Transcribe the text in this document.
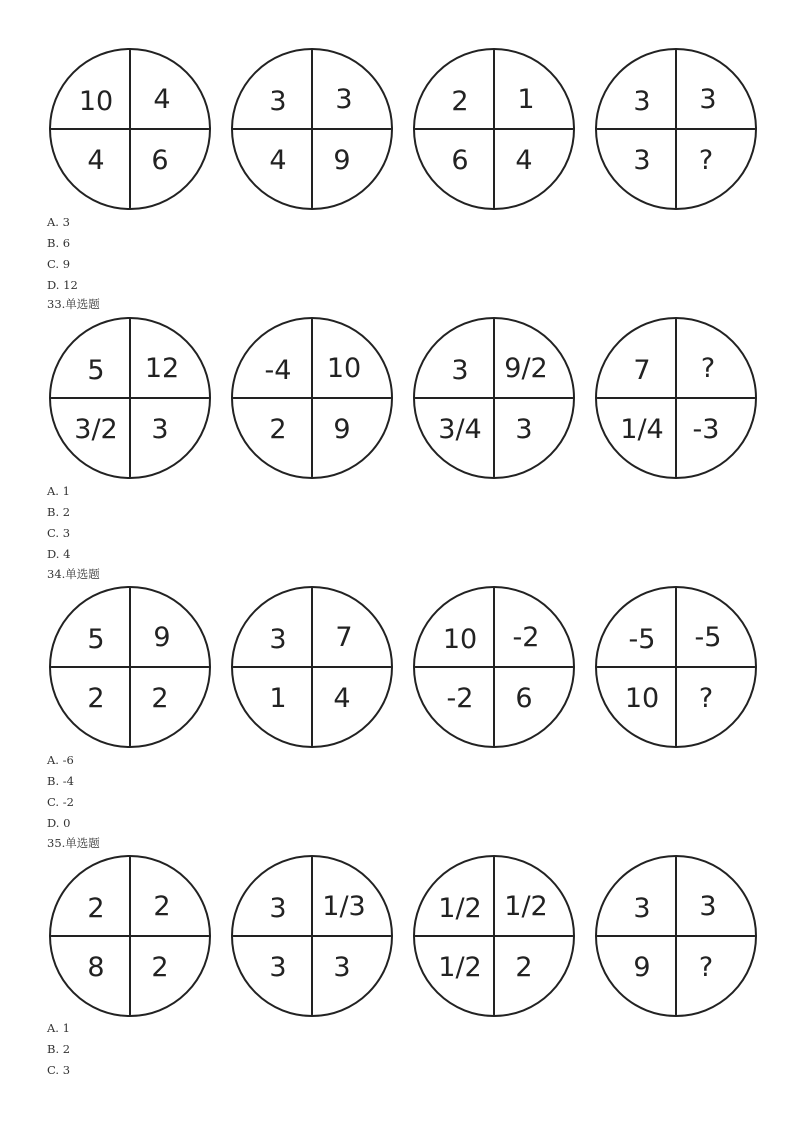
10	4
4	6
3	3
4	9
2	1
6	4
3	3
3	?
A. 3
B. 6
C. 9
D. 12
33.单选题
5	12
3/2	3
-4	10
2	9
3	9/2
3/4	3
7	?
1/4	-3
A. 1
B. 2
C. 3
D. 4
34.单选题
5	9
2	2
3	7
1	4
10	-2
-2	6
-5	-5
10	?
A. -6
B. -4
C. -2
D. 0
35.单选题
2	2
8	2
3	1/3
3	3
1/2 1/2
1/2	2
3	3
9	?
A. 1
B. 2
C. 3
